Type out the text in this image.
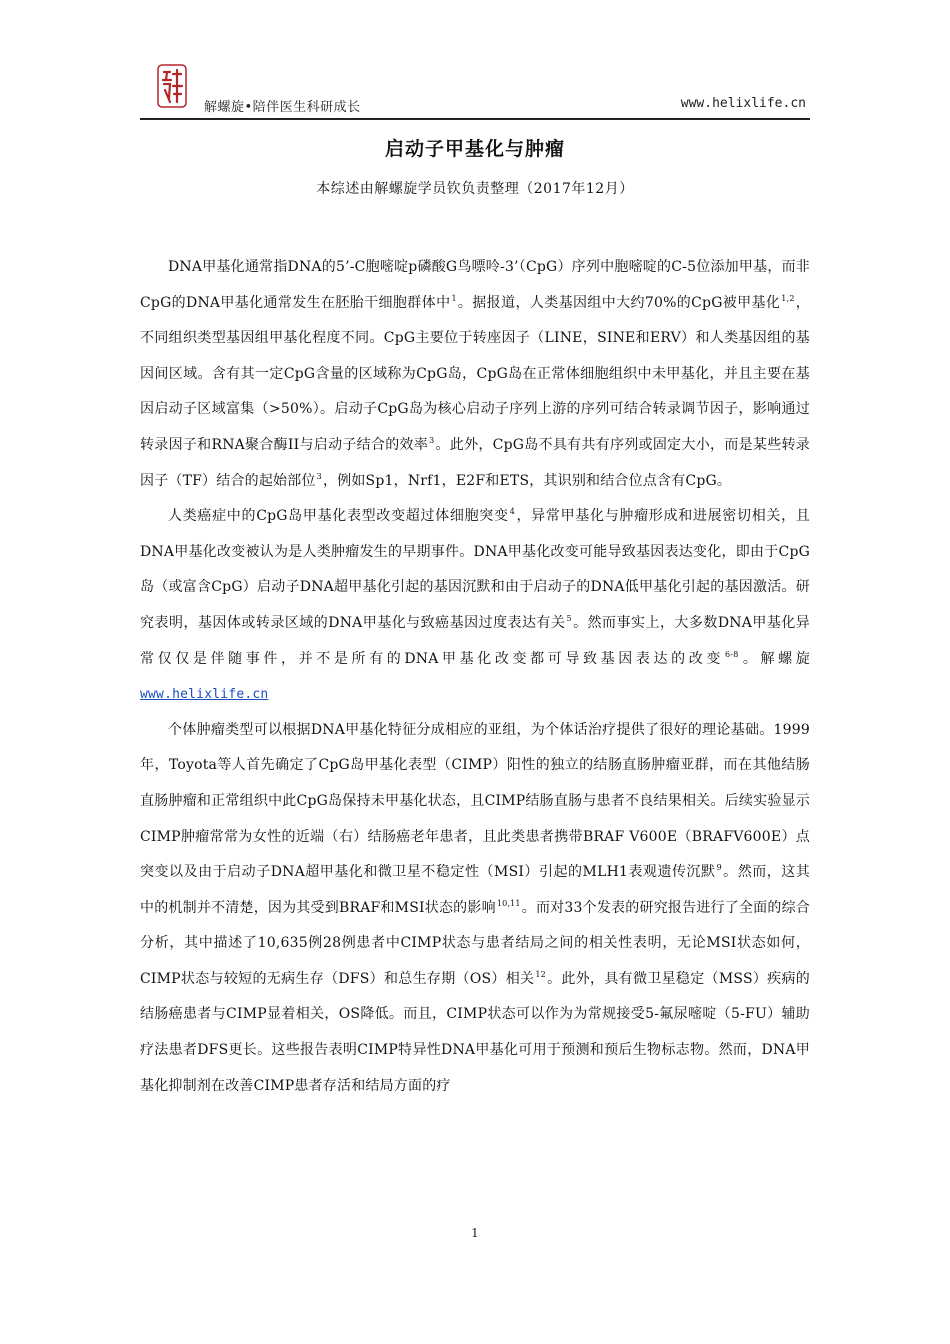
解螺旋•陪伴医生科研成长	www.helixlife.cn
启动子甲基化与肿瘤
本综述由解螺旋学员钦负责整理（2017年12月）

DNA甲基化通常指DNA的5’-C胞嘧啶p磷酸G鸟嘌呤-3’（CpG）序列中胞嘧啶的C-5位添加甲基，而非CpG的DNA甲基化通常发生在胚胎干细胞群体中$^1$。据报道，人类基因组中大约70%的CpG被甲基化$^{1,2}$，不同组织类型基因组甲基化程度不同。CpG主要位于转座因子（LINE，SINE和ERV）和人类基因组的基因间区域。含有其一定CpG含量的区域称为CpG岛，CpG岛在正常体细胞组织中未甲基化，并且主要在基因启动子区域富集（>50%）。启动子CpG岛为核心启动子序列上游的序列可结合转录调节因子，影响通过转录因子和RNA聚合酶II与启动子结合的效率$^3$。此外，CpG岛不具有共有序列或固定大小，而是某些转录因子（TF）结合的起始部位$^3$，例如Sp1，Nrf1，E2F和ETS，其识别和结合位点含有CpG。

人类癌症中的CpG岛甲基化表型改变超过体细胞突变$^4$，异常甲基化与肿瘤形成和进展密切相关，且DNA甲基化改变被认为是人类肿瘤发生的早期事件。DNA甲基化改变可能导致基因表达变化，即由于CpG岛（或富含CpG）启动子DNA超甲基化引起的基因沉默和由于启动子的DNA低甲基化引起的基因激活。研究表明，基因体或转录区域的DNA甲基化与致癌基因过度表达有关$^5$。然而事实上，大多数DNA甲基化异常仅仅是伴随事件，并不是所有的DNA甲基化改变都可导致基因表达的改变$^{6-8}$。解螺旋 www.helixlife.cn

个体肿瘤类型可以根据DNA甲基化特征分成相应的亚组，为个体话治疗提供了很好的理论基础。1999年，Toyota等人首先确定了CpG岛甲基化表型（CIMP）阳性的独立的结肠直肠肿瘤亚群，而在其他结肠直肠肿瘤和正常组织中此CpG岛保持未甲基化状态，且CIMP结肠直肠与患者不良结果相关。后续实验显示CIMP肿瘤常常为女性的近端（右）结肠癌老年患者，且此类患者携带BRAF V600E（BRAFV600E）点突变以及由于启动子DNA超甲基化和微卫星不稳定性（MSI）引起的MLH1表观遗传沉默$^9$。然而，这其中的机制并不清楚，因为其受到BRAF和MSI状态的影响$^{10,11}$。而对33个发表的研究报告进行了全面的综合分析，其中描述了10,635例28例患者中CIMP状态与患者结局之间的相关性表明，无论MSI状态如何，CIMP状态与较短的无病生存（DFS）和总生存期（OS）相关$^{12}$。此外，具有微卫星稳定（MSS）疾病的结肠癌患者与CIMP显着相关，OS降低。而且，CIMP状态可以作为为常规接受5-氟尿嘧啶（5-FU）辅助疗法患者DFS更长。这些报告表明CIMP特异性DNA甲基化可用于预测和预后生物标志物。然而，DNA甲基化抑制剂在改善CIMP患者存活和结局方面的疗

1
